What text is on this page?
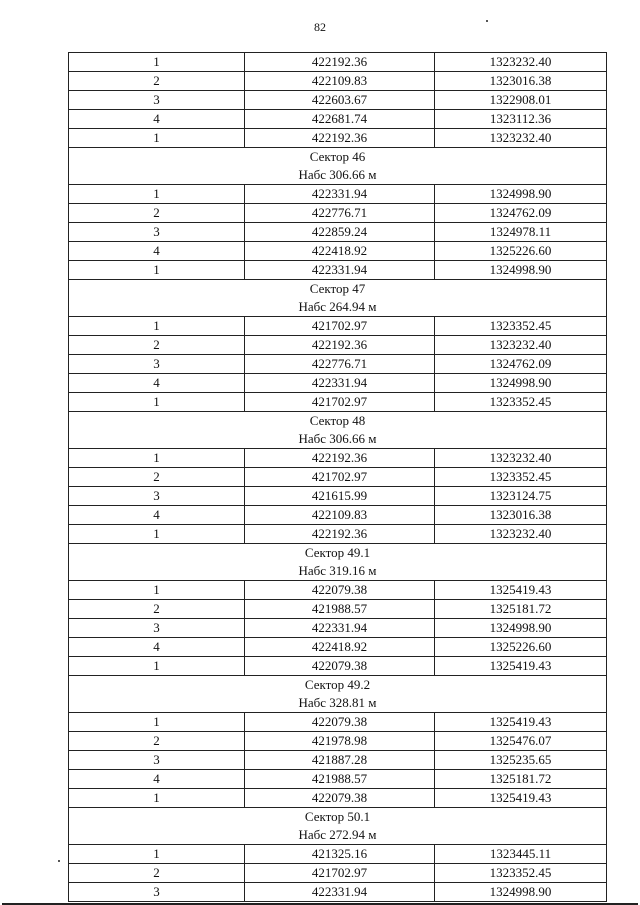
82
1	422192.36	1323232.40
2	422109.83	1323016.38
3	422603.67	1322908.01
4	422681.74	1323112.36
1	422192.36	1323232.40
Сектор 46		
Набс 306.66 м		
1	422331.94	1324998.90
2	422776.71	1324762.09
3	422859.24	1324978.11
4	422418.92	1325226.60
1	422331.94	1324998.90
Сектор 47		
Набс 264.94 м		
1	421702.97	1323352.45
2	422192.36	1323232.40
3	422776.71	1324762.09
4	422331.94	1324998.90
1	421702.97	1323352.45
Сектор 48		
Набс 306.66 м		
1	422192.36	1323232.40
2	421702.97	1323352.45
3	421615.99	1323124.75
4	422109.83	1323016.38
1	422192.36	1323232.40
Сектор 49.1		
Набс 319.16 м		
1	422079.38	1325419.43
2	421988.57	1325181.72
3	422331.94	1324998.90
4	422418.92	1325226.60
1	422079.38	1325419.43
Сектор 49.2		
Набс 328.81 м		
1	422079.38	1325419.43
2	421978.98	1325476.07
3	421887.28	1325235.65
4	421988.57	1325181.72
1	422079.38	1325419.43
Сектор 50.1		
Набс 272.94 м		
1	421325.16	1323445.11
2	421702.97	1323352.45
3	422331.94	1324998.90
